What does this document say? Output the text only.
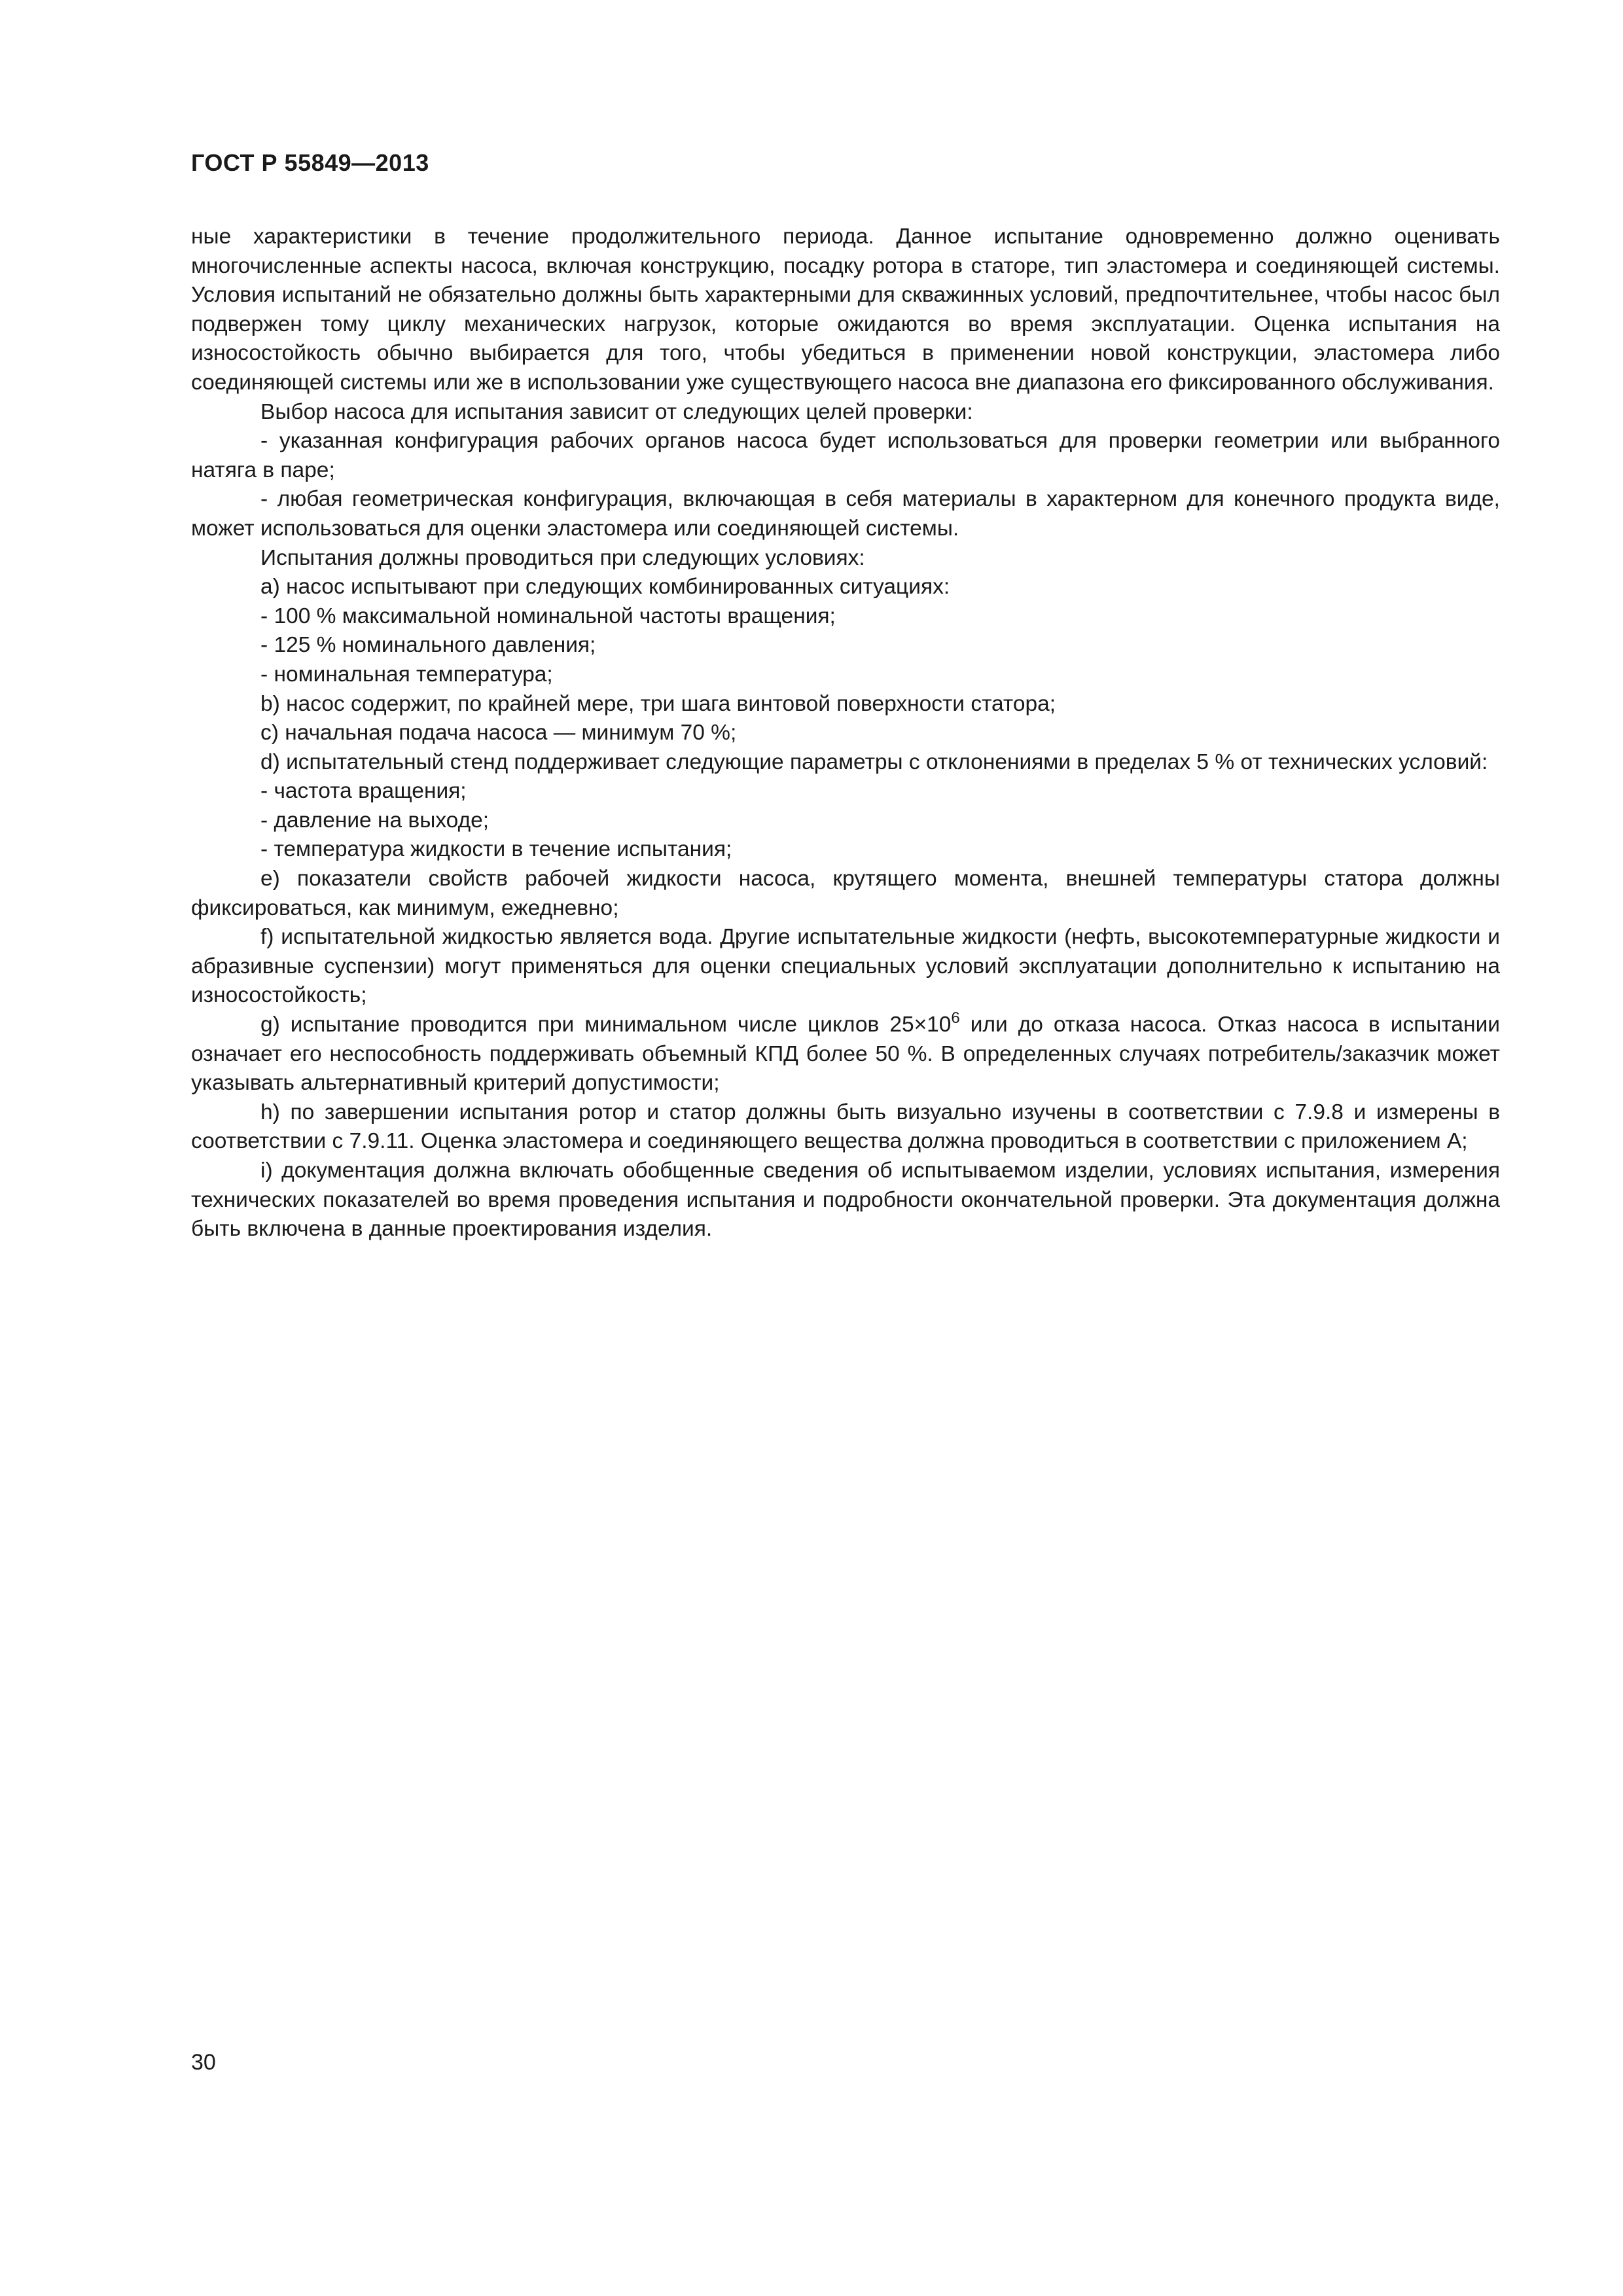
ГОСТ Р 55849—2013

ные характеристики в течение продолжительного периода. Данное испытание одновременно должно оценивать многочисленные аспекты насоса, включая конструкцию, посадку ротора в статоре, тип эластомера и соединяющей системы. Условия испытаний не обязательно должны быть характерными для скважинных условий, предпочтительнее, чтобы насос был подвержен тому циклу механических нагрузок, которые ожидаются во время эксплуатации. Оценка испытания на износостойкость обычно выбирается для того, чтобы убедиться в применении новой конструкции, эластомера либо соединяющей системы или же в использовании уже существующего насоса вне диапазона его фиксированного обслуживания.

Выбор насоса для испытания зависит от следующих целей проверки:

- указанная конфигурация рабочих органов насоса будет использоваться для проверки геометрии или выбранного натяга в паре;

- любая геометрическая конфигурация, включающая в себя материалы в характерном для конечного продукта виде, может использоваться для оценки эластомера или соединяющей системы.

Испытания должны проводиться при следующих условиях:

a) насос испытывают при следующих комбинированных ситуациях:

- 100 % максимальной номинальной частоты вращения;

- 125 % номинального давления;

- номинальная температура;

b) насос содержит, по крайней мере, три шага винтовой поверхности статора;

c) начальная подача насоса — минимум 70 %;

d) испытательный стенд поддерживает следующие параметры с отклонениями в пределах 5 % от технических условий:

- частота вращения;

- давление на выходе;

- температура жидкости в течение испытания;

e) показатели свойств рабочей жидкости насоса, крутящего момента, внешней температуры статора должны фиксироваться, как минимум, ежедневно;

f) испытательной жидкостью является вода. Другие испытательные жидкости (нефть, высокотемпературные жидкости и абразивные суспензии) могут применяться для оценки специальных условий эксплуатации дополнительно к испытанию на износостойкость;

g) испытание проводится при минимальном числе циклов $25\times 10^6$ или до отказа насоса. Отказ насоса в испытании означает его неспособность поддерживать объемный КПД более 50 %. В определенных случаях потребитель/заказчик может указывать альтернативный критерий допустимости;

h) по завершении испытания ротор и статор должны быть визуально изучены в соответствии с 7.9.8 и измерены в соответствии с 7.9.11. Оценка эластомера и соединяющего вещества должна проводиться в соответствии с приложением А;

i) документация должна включать обобщенные сведения об испытываемом изделии, условиях испытания, измерения технических показателей во время проведения испытания и подробности окончательной проверки. Эта документация должна быть включена в данные проектирования изделия.

30
